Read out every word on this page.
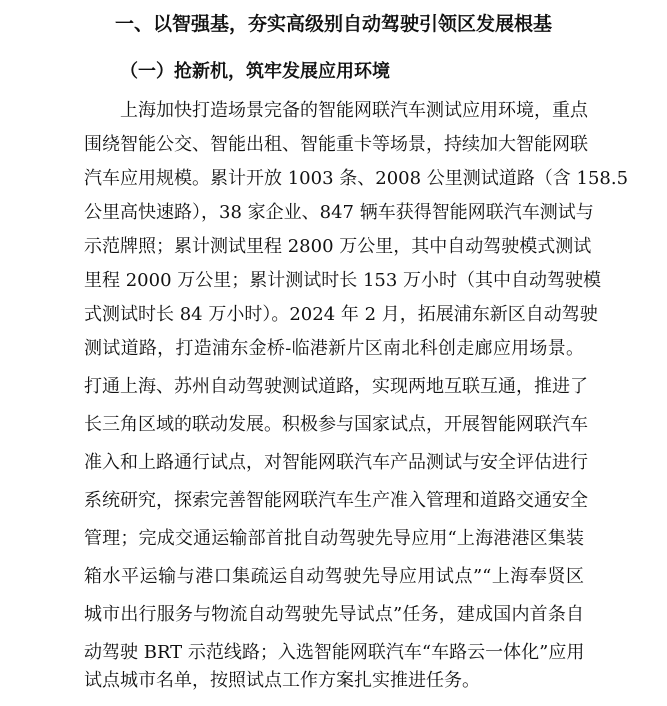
一、以智强基，夯实高级别自动驾驶引领区发展根基
（一）抢新机，筑牢发展应用环境
上海加快打造场景完备的智能网联汽车测试应用环境，重点
围绕智能公交、智能出租、智能重卡等场景，持续加大智能网联
汽车应用规模。累计开放 1003 条、2008 公里测试道路（含 158.5
公里高快速路），38 家企业、847 辆车获得智能网联汽车测试与
示范牌照；累计测试里程 2800 万公里，其中自动驾驶模式测试
里程 2000 万公里；累计测试时长 153 万小时（其中自动驾驶模
式测试时长 84 万小时）。2024 年 2 月，拓展浦东新区自动驾驶
测试道路，打造浦东金桥-临港新片区南北科创走廊应用场景。
打通上海、苏州自动驾驶测试道路，实现两地互联互通，推进了
长三角区域的联动发展。积极参与国家试点，开展智能网联汽车
准入和上路通行试点，对智能网联汽车产品测试与安全评估进行
系统研究，探索完善智能网联汽车生产准入管理和道路交通安全
管理；完成交通运输部首批自动驾驶先导应用“上海港港区集装
箱水平运输与港口集疏运自动驾驶先导应用试点”“上海奉贤区
城市出行服务与物流自动驾驶先导试点”任务，建成国内首条自
动驾驶 BRT 示范线路；入选智能网联汽车“车路云一体化”应用
试点城市名单，按照试点工作方案扎实推进任务。
